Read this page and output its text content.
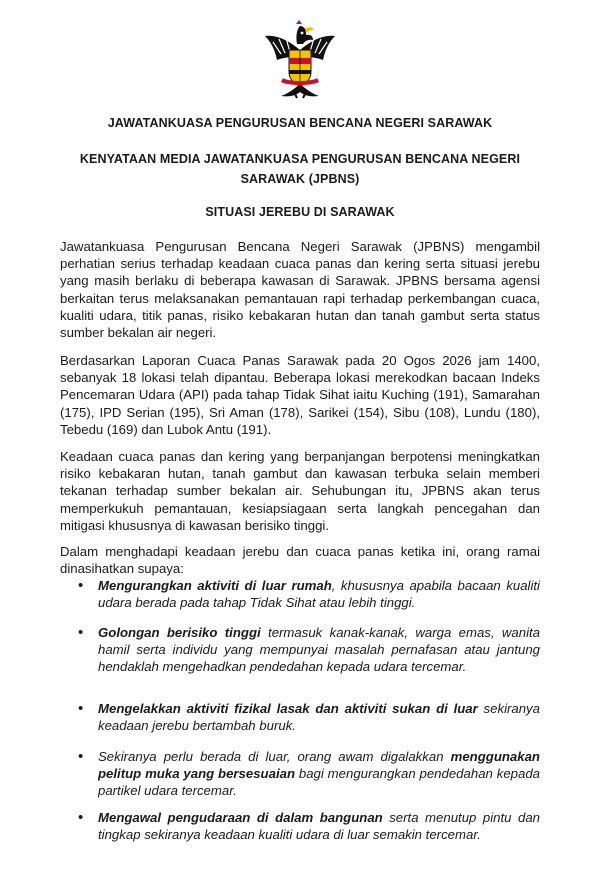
JAWATANKUASA PENGURUSAN BENCANA NEGERI SARAWAK
KENYATAAN MEDIA JAWATANKUASA PENGURUSAN BENCANA NEGERI
SARAWAK (JPBNS)
SITUASI JEREBU DI SARAWAK

Jawatankuasa Pengurusan Bencana Negeri Sarawak (JPBNS) mengambil perhatian serius terhadap keadaan cuaca panas dan kering serta situasi jerebu yang masih berlaku di beberapa kawasan di Sarawak. JPBNS bersama agensi berkaitan terus melaksanakan pemantauan rapi terhadap perkembangan cuaca, kualiti udara, titik panas, risiko kebakaran hutan dan tanah gambut serta status sumber bekalan air negeri.

Berdasarkan Laporan Cuaca Panas Sarawak pada 20 Ogos 2026 jam 1400, sebanyak 18 lokasi telah dipantau. Beberapa lokasi merekodkan bacaan Indeks Pencemaran Udara (API) pada tahap Tidak Sihat iaitu Kuching (191), Samarahan (175), IPD Serian (195), Sri Aman (178), Sarikei (154), Sibu (108), Lundu (180), Tebedu (169) dan Lubok Antu (191).

Keadaan cuaca panas dan kering yang berpanjangan berpotensi meningkatkan risiko kebakaran hutan, tanah gambut dan kawasan terbuka selain memberi tekanan terhadap sumber bekalan air. Sehubungan itu, JPBNS akan terus memperkukuh pemantauan, kesiapsiagaan serta langkah pencegahan dan mitigasi khususnya di kawasan berisiko tinggi.

Dalam menghadapi keadaan jerebu dan cuaca panas ketika ini, orang ramai dinasihatkan supaya:

• Mengurangkan aktiviti di luar rumah, khususnya apabila bacaan kualiti udara berada pada tahap Tidak Sihat atau lebih tinggi.
• Golongan berisiko tinggi termasuk kanak-kanak, warga emas, wanita hamil serta individu yang mempunyai masalah pernafasan atau jantung hendaklah mengehadkan pendedahan kepada udara tercemar.
• Mengelakkan aktiviti fizikal lasak dan aktiviti sukan di luar sekiranya keadaan jerebu bertambah buruk.
• Sekiranya perlu berada di luar, orang awam digalakkan menggunakan pelitup muka yang bersesuaian bagi mengurangkan pendedahan kepada partikel udara tercemar.
• Mengawal pengudaraan di dalam bangunan serta menutup pintu dan tingkap sekiranya keadaan kualiti udara di luar semakin tercemar.
